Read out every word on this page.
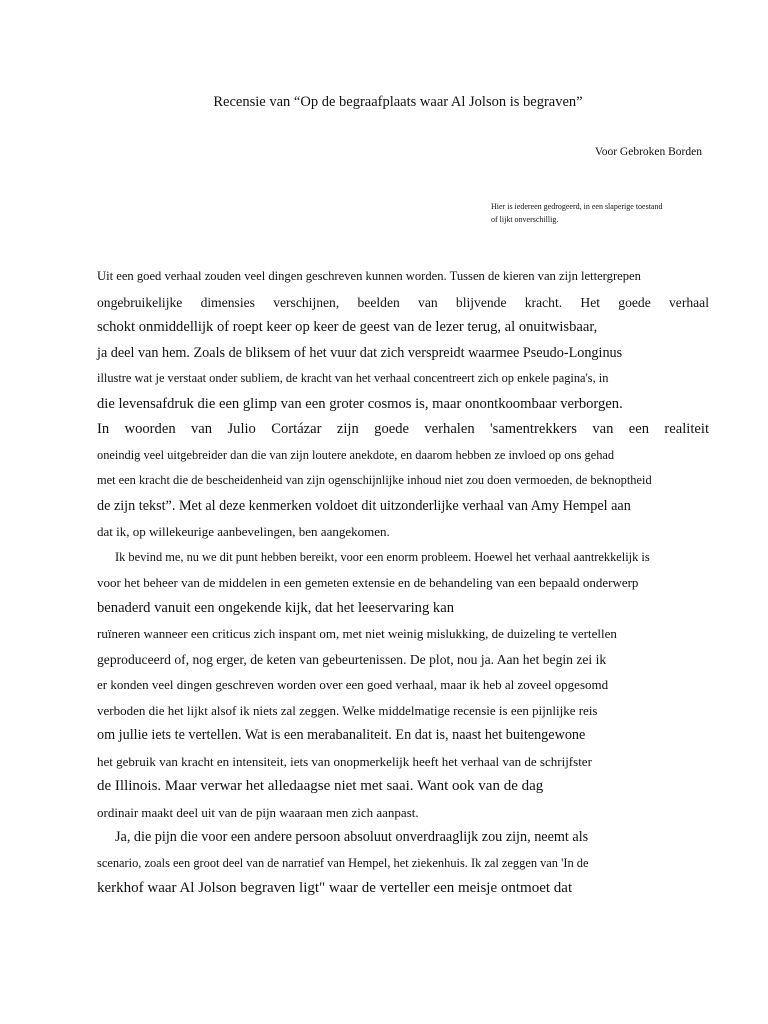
Recensie van “Op de begraafplaats waar Al Jolson is begraven”
Voor Gebroken Borden
Hier is iedereen gedrogeerd, in een slaperige toestand
of lijkt onverschillig.
Uit een goed verhaal zouden veel dingen geschreven kunnen worden. Tussen de kieren van zijn lettergrepen
ongebruikelijke dimensies verschijnen, beelden van blijvende kracht. Het goede verhaal
schokt onmiddellijk of roept keer op keer de geest van de lezer terug, al onuitwisbaar,
ja deel van hem. Zoals de bliksem of het vuur dat zich verspreidt waarmee Pseudo-Longinus
illustre wat je verstaat onder subliem, de kracht van het verhaal concentreert zich op enkele pagina's, in
die levensafdruk die een glimp van een groter cosmos is, maar onontkoombaar verborgen.
In woorden van Julio Cortázar zijn goede verhalen 'samentrekkers van een realiteit
oneindig veel uitgebreider dan die van zijn loutere anekdote, en daarom hebben ze invloed op ons gehad
met een kracht die de bescheidenheid van zijn ogenschijnlijke inhoud niet zou doen vermoeden, de beknoptheid
de zijn tekst”. Met al deze kenmerken voldoet dit uitzonderlijke verhaal van Amy Hempel aan
dat ik, op willekeurige aanbevelingen, ben aangekomen.
Ik bevind me, nu we dit punt hebben bereikt, voor een enorm probleem. Hoewel het verhaal aantrekkelijk is
voor het beheer van de middelen in een gemeten extensie en de behandeling van een bepaald onderwerp
benaderd vanuit een ongekende kijk, dat het leeservaring kan
ruïneren wanneer een criticus zich inspant om, met niet weinig mislukking, de duizeling te vertellen
geproduceerd of, nog erger, de keten van gebeurtenissen. De plot, nou ja. Aan het begin zei ik
er konden veel dingen geschreven worden over een goed verhaal, maar ik heb al zoveel opgesomd
verboden die het lijkt alsof ik niets zal zeggen. Welke middelmatige recensie is een pijnlijke reis
om jullie iets te vertellen. Wat is een merabanaliteit. En dat is, naast het buitengewone
het gebruik van kracht en intensiteit, iets van onopmerkelijk heeft het verhaal van de schrijfster
de Illinois. Maar verwar het alledaagse niet met saai. Want ook van de dag
ordinair maakt deel uit van de pijn waaraan men zich aanpast.
Ja, die pijn die voor een andere persoon absoluut onverdraaglijk zou zijn, neemt als
scenario, zoals een groot deel van de narratief van Hempel, het ziekenhuis. Ik zal zeggen van 'In de
kerkhof waar Al Jolson begraven ligt" waar de verteller een meisje ontmoet dat
